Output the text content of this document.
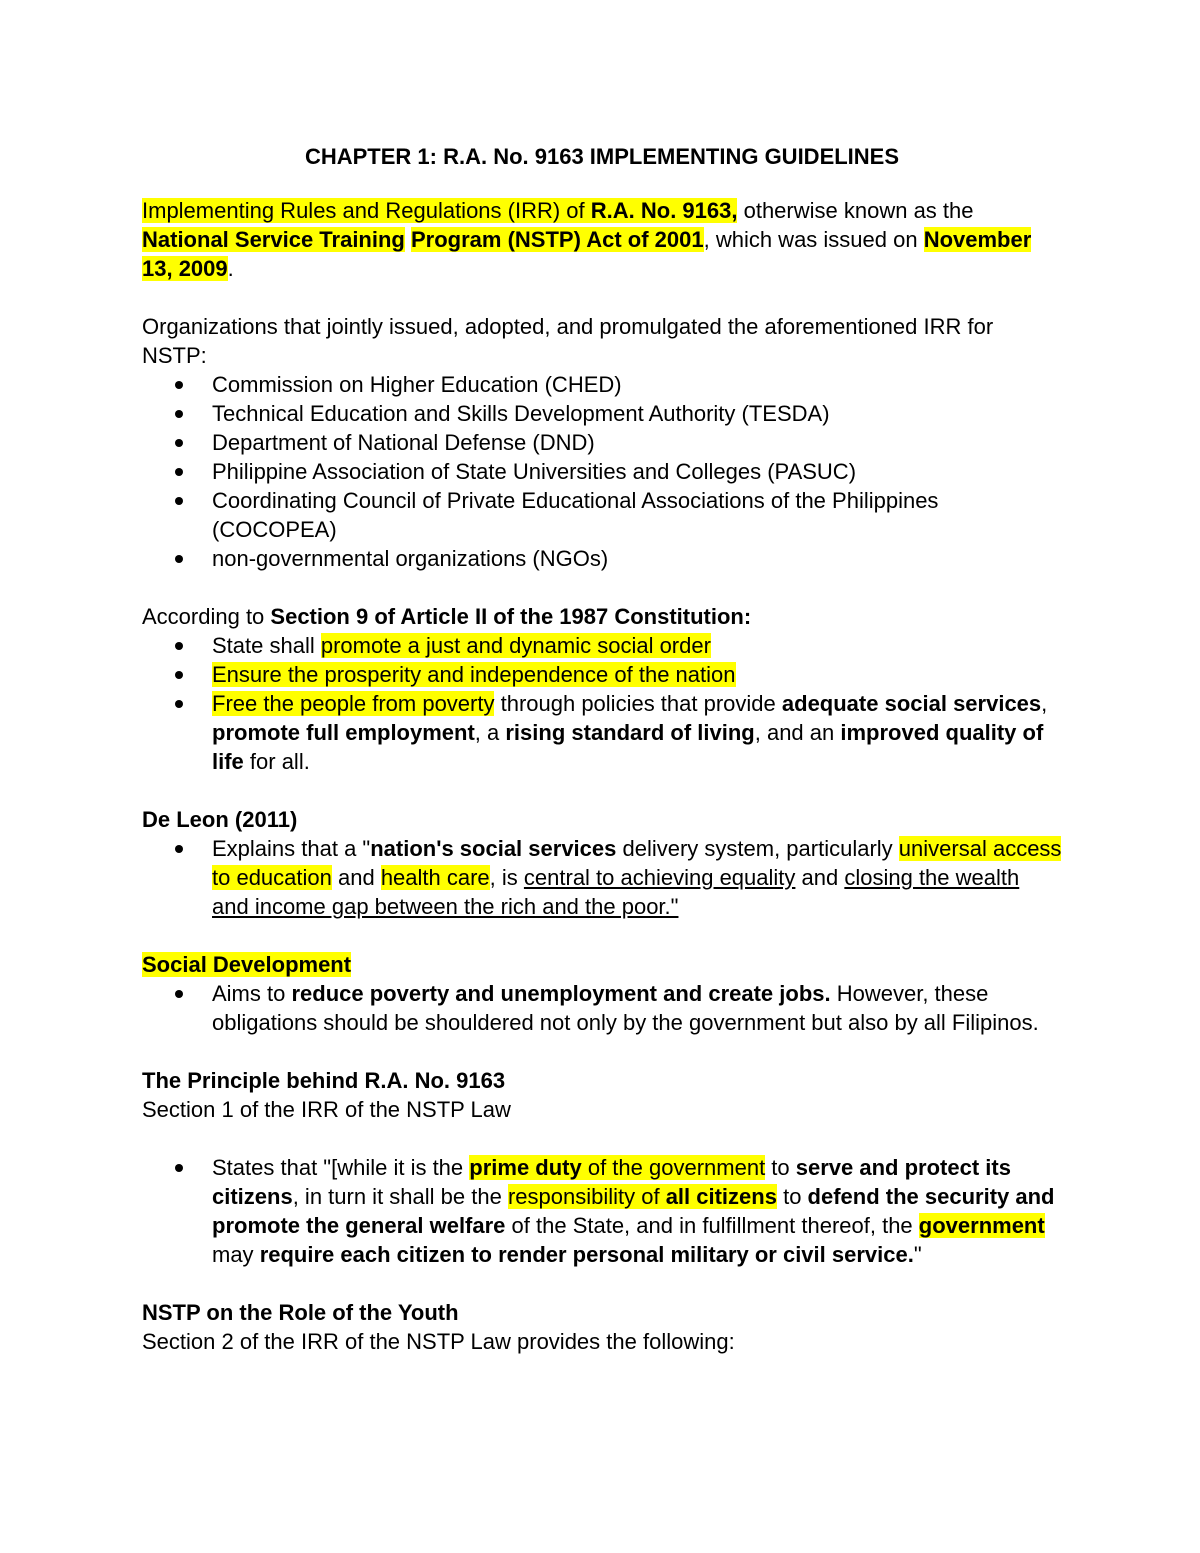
CHAPTER 1: R.A. No. 9163 IMPLEMENTING GUIDELINES

Implementing Rules and Regulations (IRR) of R.A. No. 9163, otherwise known as the National Service Training Program (NSTP) Act of 2001, which was issued on November 13, 2009.

Organizations that jointly issued, adopted, and promulgated the aforementioned IRR for NSTP:

Commission on Higher Education (CHED)
Technical Education and Skills Development Authority (TESDA)
Department of National Defense (DND)
Philippine Association of State Universities and Colleges (PASUC)
Coordinating Council of Private Educational Associations of the Philippines (COCOPEA)
non-governmental organizations (NGOs)

According to Section 9 of Article II of the 1987 Constitution:

State shall promote a just and dynamic social order
Ensure the prosperity and independence of the nation
Free the people from poverty through policies that provide adequate social services, promote full employment, a rising standard of living, and an improved quality of life for all.

De Leon (2011)

Explains that a "nation's social services delivery system, particularly universal access to education and health care, is central to achieving equality and closing the wealth and income gap between the rich and the poor."

Social Development

Aims to reduce poverty and unemployment and create jobs. However, these obligations should be shouldered not only by the government but also by all Filipinos.

The Principle behind R.A. No. 9163

Section 1 of the IRR of the NSTP Law

States that "[while it is the prime duty of the government to serve and protect its citizens, in turn it shall be the responsibility of all citizens to defend the security and promote the general welfare of the State, and in fulfillment thereof, the government may require each citizen to render personal military or civil service."

NSTP on the Role of the Youth

Section 2 of the IRR of the NSTP Law provides the following:
